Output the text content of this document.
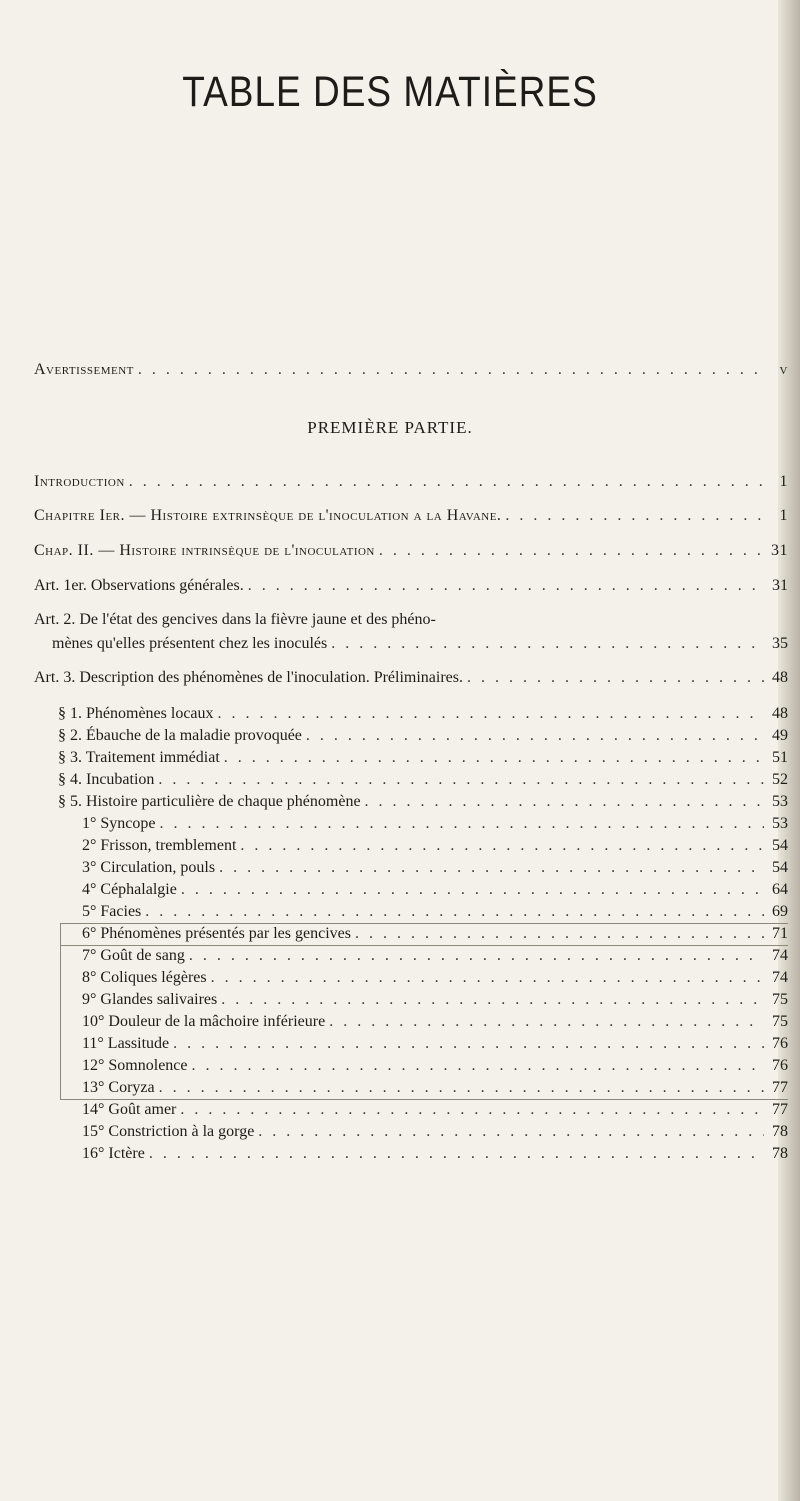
TABLE DES MATIÈRES
PREMIÈRE PARTIE.
Avertissement . . .	v
Introduction . . .	1
Chapitre Ier. — Histoire extrinsèque de l'inoculation a la Havane. . . .	1
Chap. II. — Histoire intrinsèque de l'inoculation . . .	31
Art. 1er. Observations générales. . . .	31
Art. 2. De l'état des gencives dans la fièvre jaune et des phéno-
mènes qu'elles présentent chez les inoculés . . .	35
Art. 3. Description des phénomènes de l'inoculation. Préliminaires. . . .	48
§ 1. Phénomènes locaux . . .	48
§ 2. Ébauche de la maladie provoquée . . .	49
§ 3. Traitement immédiat . . .	51
§ 4. Incubation . . .	52
§ 5. Histoire particulière de chaque phénomène . . .	53
1° Syncope . . .	53
2° Frisson, tremblement . . .	54
3° Circulation, pouls . . .	54
4° Céphalalgie . . .	64
5° Facies . . .	69
6° Phénomènes présentés par les gencives . . .	71
7° Goût de sang . . .	74
8° Coliques légères . . .	74
9° Glandes salivaires . . .	75
10° Douleur de la mâchoire inférieure . . .	75
11° Lassitude . . .	76
12° Somnolence . . .	76
13° Coryza . . .	77
14° Goût amer . . .	77
15° Constriction à la gorge . . .	78
16° Ictère . . .	78
